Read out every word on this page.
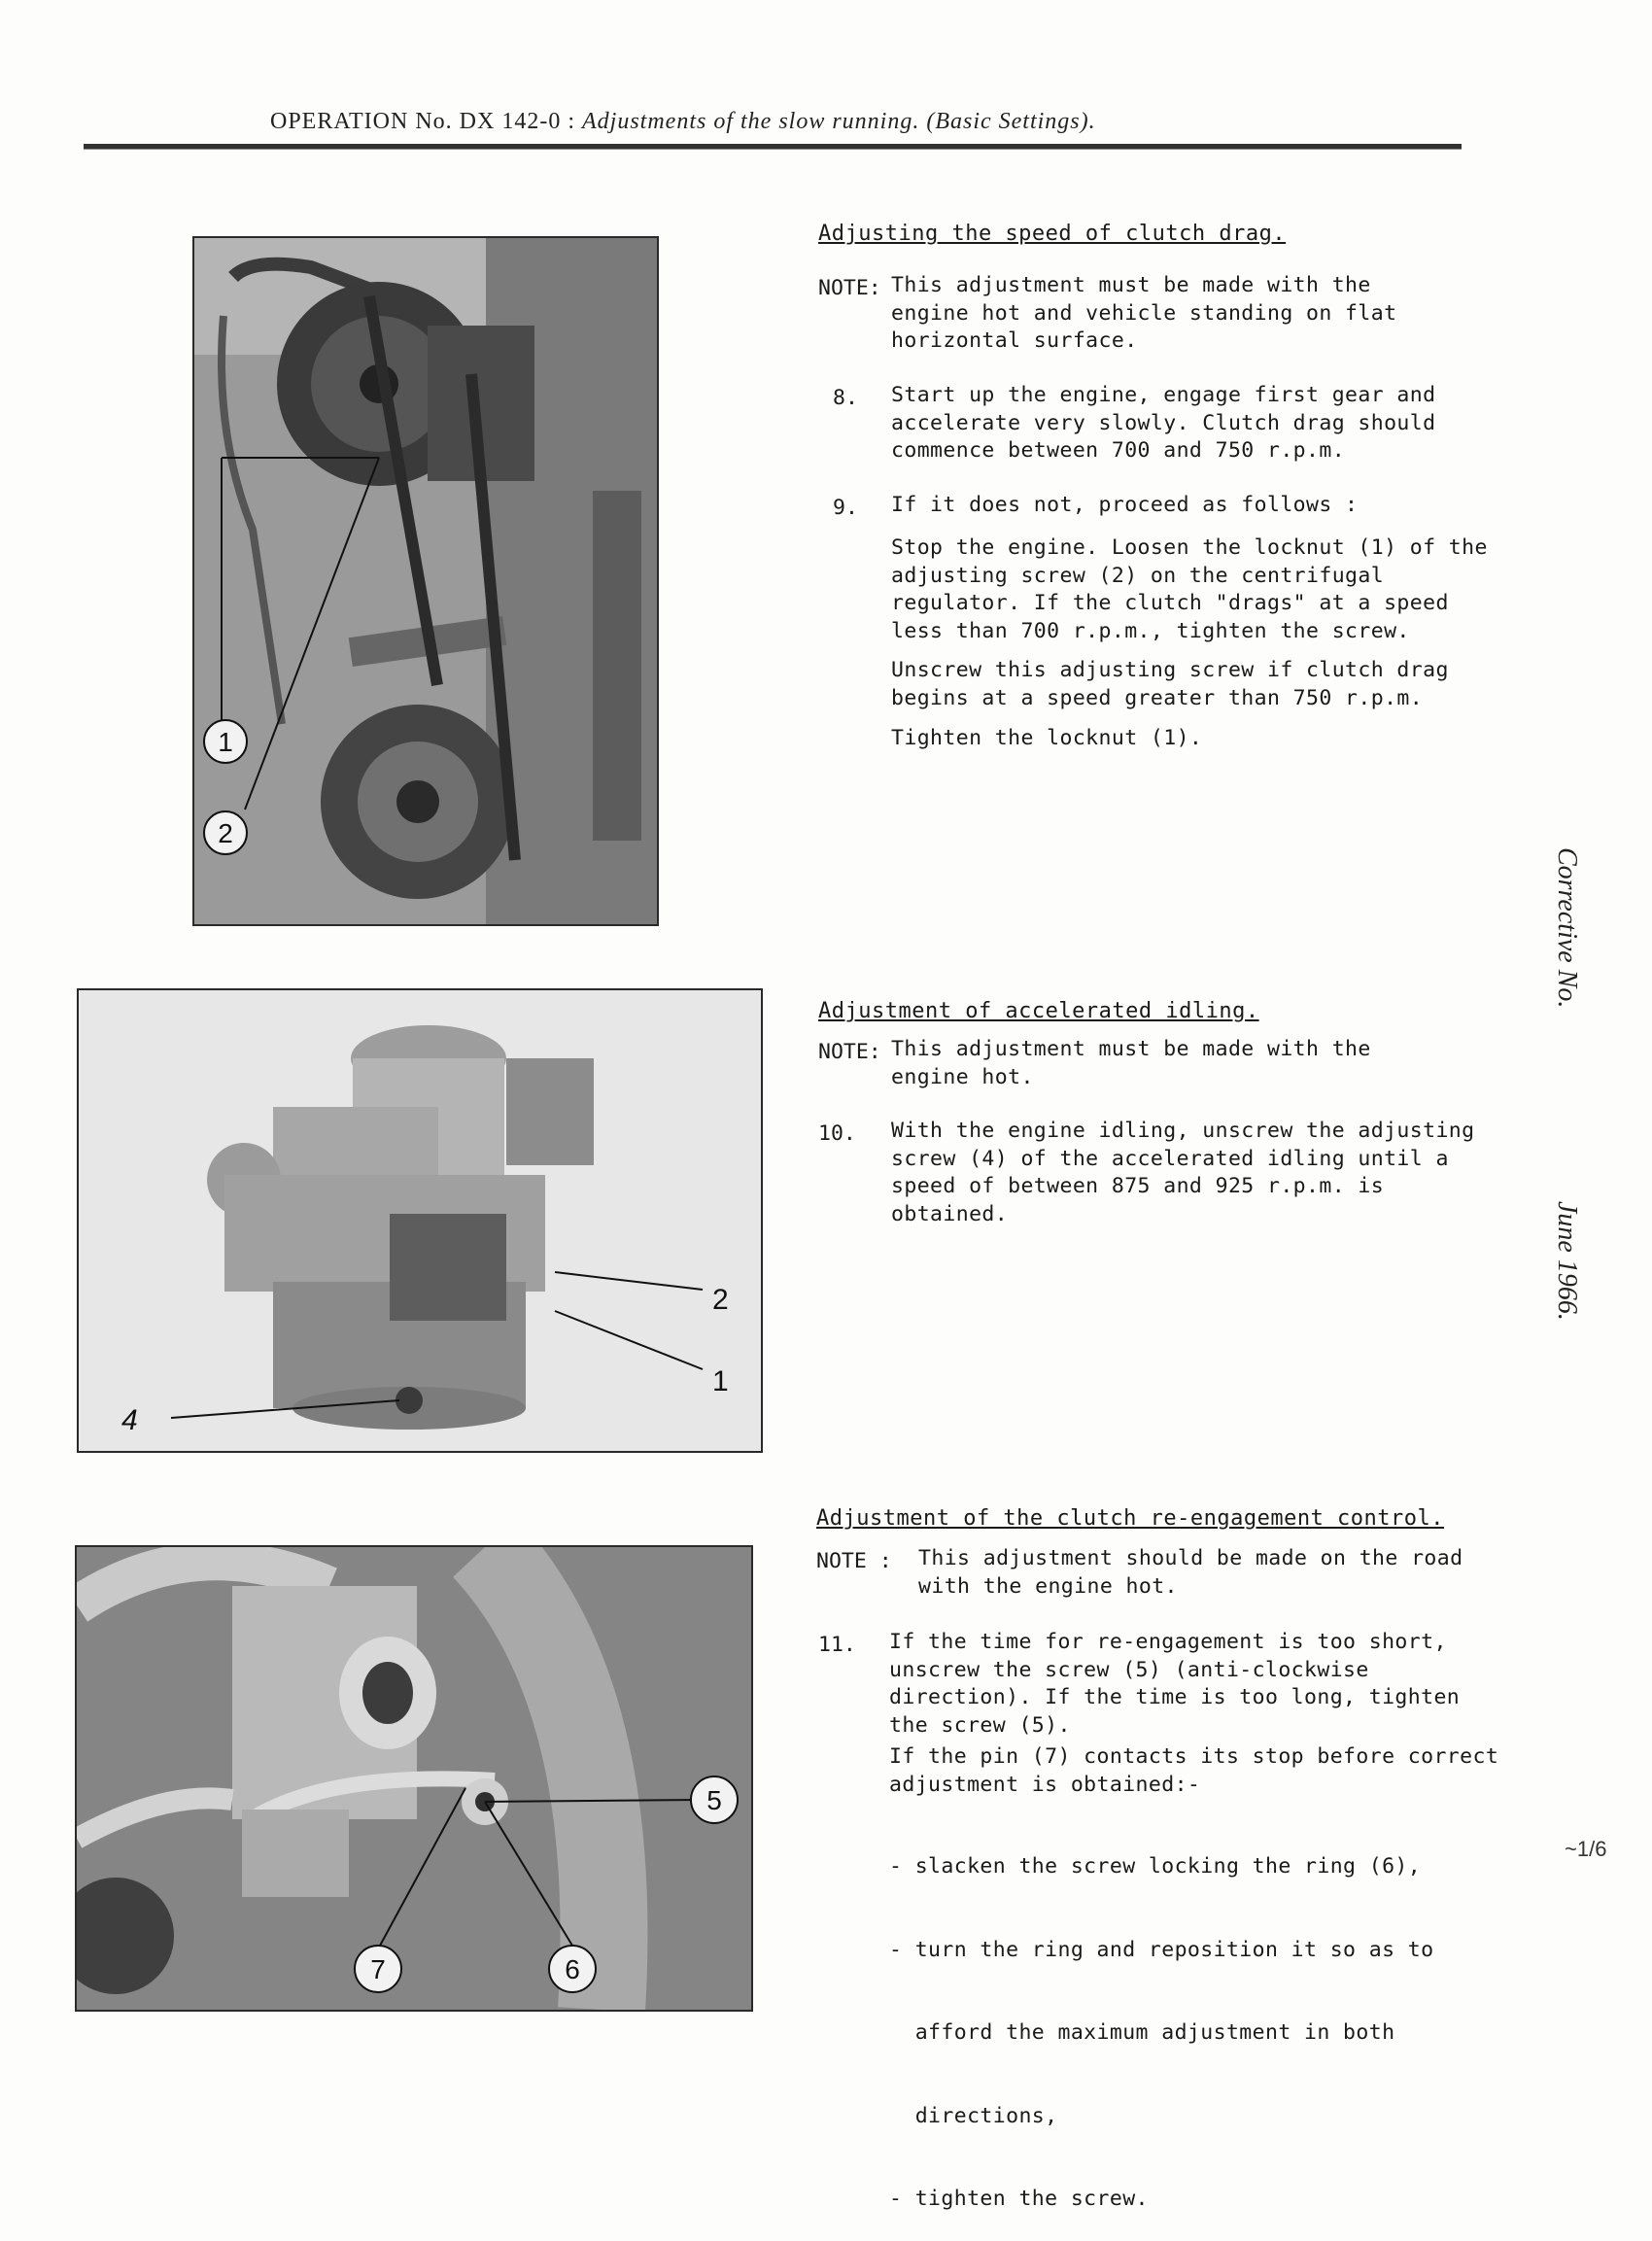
OPERATION No. DX 142-0 : Adjustments of the slow running. (Basic Settings).
1
2
4
2
1
5
7	6
Adjusting the speed of clutch drag.
NOTE: This adjustment must be made with the
engine hot and vehicle standing on flat
horizontal surface.
8. Start up the engine, engage first gear and
accelerate very slowly. Clutch drag should
commence between 700 and 750 r.p.m.
9. If it does not, proceed as follows :
Stop the engine. Loosen the locknut (1) of the
adjusting screw (2) on the centrifugal
regulator. If the clutch "drags" at a speed
less than 700 r.p.m., tighten the screw.
Unscrew this adjusting screw if clutch drag
begins at a speed greater than 750 r.p.m.
Tighten the locknut (1).
Adjustment of accelerated idling.
NOTE: This adjustment must be made with the
engine hot.
10. With the engine idling, unscrew the adjusting
screw (4) of the accelerated idling until a
speed of between 875 and 925 r.p.m. is
obtained.
Adjustment of the clutch re-engagement control.
NOTE : This adjustment should be made on the road
with the engine hot.
11. If the time for re-engagement is too short,
unscrew the screw (5) (anti-clockwise
direction). If the time is too long, tighten
the screw (5).
If the pin (7) contacts its stop before correct
adjustment is obtained:-

- slacken the screw locking the ring (6),

- turn the ring and reposition it so as to

afford the maximum adjustment in both

directions,

- tighten the screw.

Corrective No.
June 1966.
~1/6
